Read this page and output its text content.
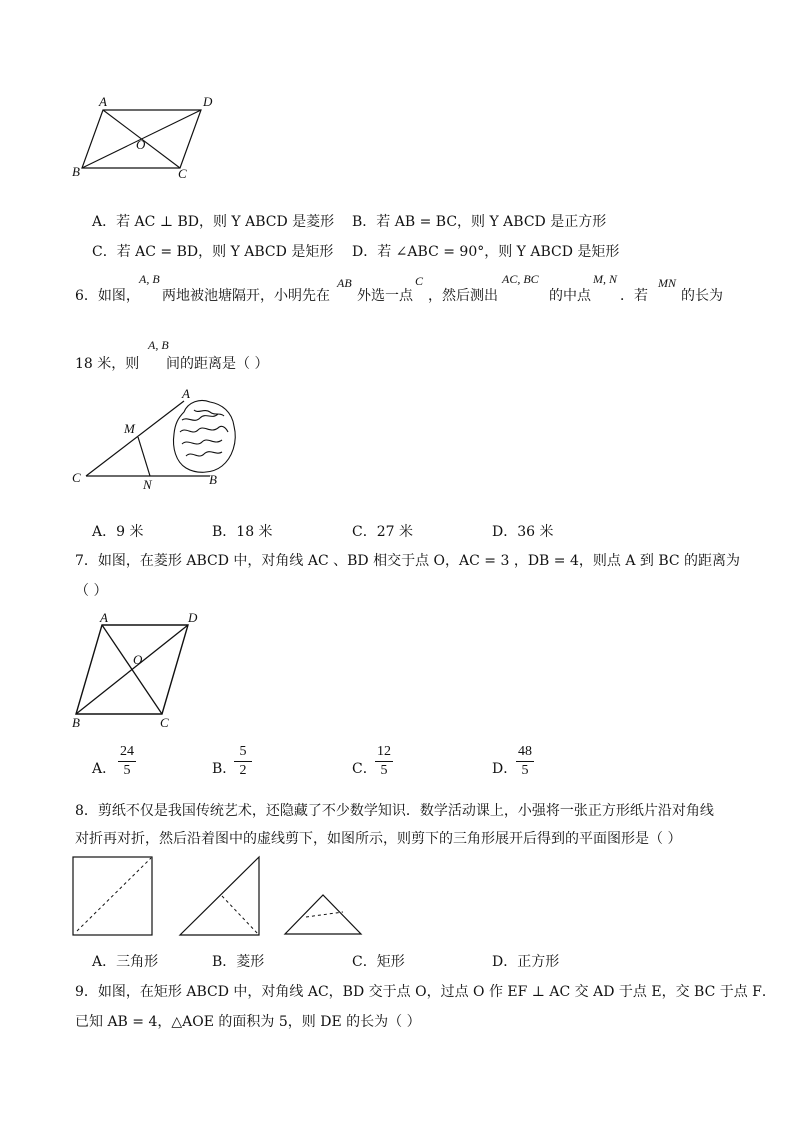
A	D
O
B	C
A．若 AC ⊥ BD，则 Y ABCD 是菱形 B．若 AB = BC，则 Y ABCD 是正方形
C．若 AC = BD，则 Y ABCD 是矩形 D．若 ∠ABC = 90°，则 Y ABCD 是矩形
6．如图，
A, B
两地被池塘隔开，小明先在
AB
外选一点
C
，然后测出
AC, BC
的中点
M, N
．若
MN
的长为
18 米，则
A, B
间的距离是（ ）
A
M
C	N	B
A．9 米	B．18 米	C．27 米	D．36 米
7．如图，在菱形 ABCD 中，对角线 AC 、BD 相交于点 O，AC = 3 ，DB = 4，则点 A 到 BC 的距离为
（ ）
A	D
O
B	C
A．
24
5	B．
5
2	C．
12
5	D．
48
5
8．剪纸不仅是我国传统艺术，还隐藏了不少数学知识．数学活动课上，小强将一张正方形纸片沿对角线
对折再对折，然后沿着图中的虚线剪下，如图所示，则剪下的三角形展开后得到的平面图形是（ ）
A．三角形	B．菱形	C．矩形	D．正方形
9．如图，在矩形 ABCD 中，对角线 AC，BD 交于点 O，过点 O 作 EF ⊥ AC 交 AD 于点 E，交 BC 于点 F．
已知 AB = 4，△AOE 的面积为 5，则 DE 的长为（ ）
